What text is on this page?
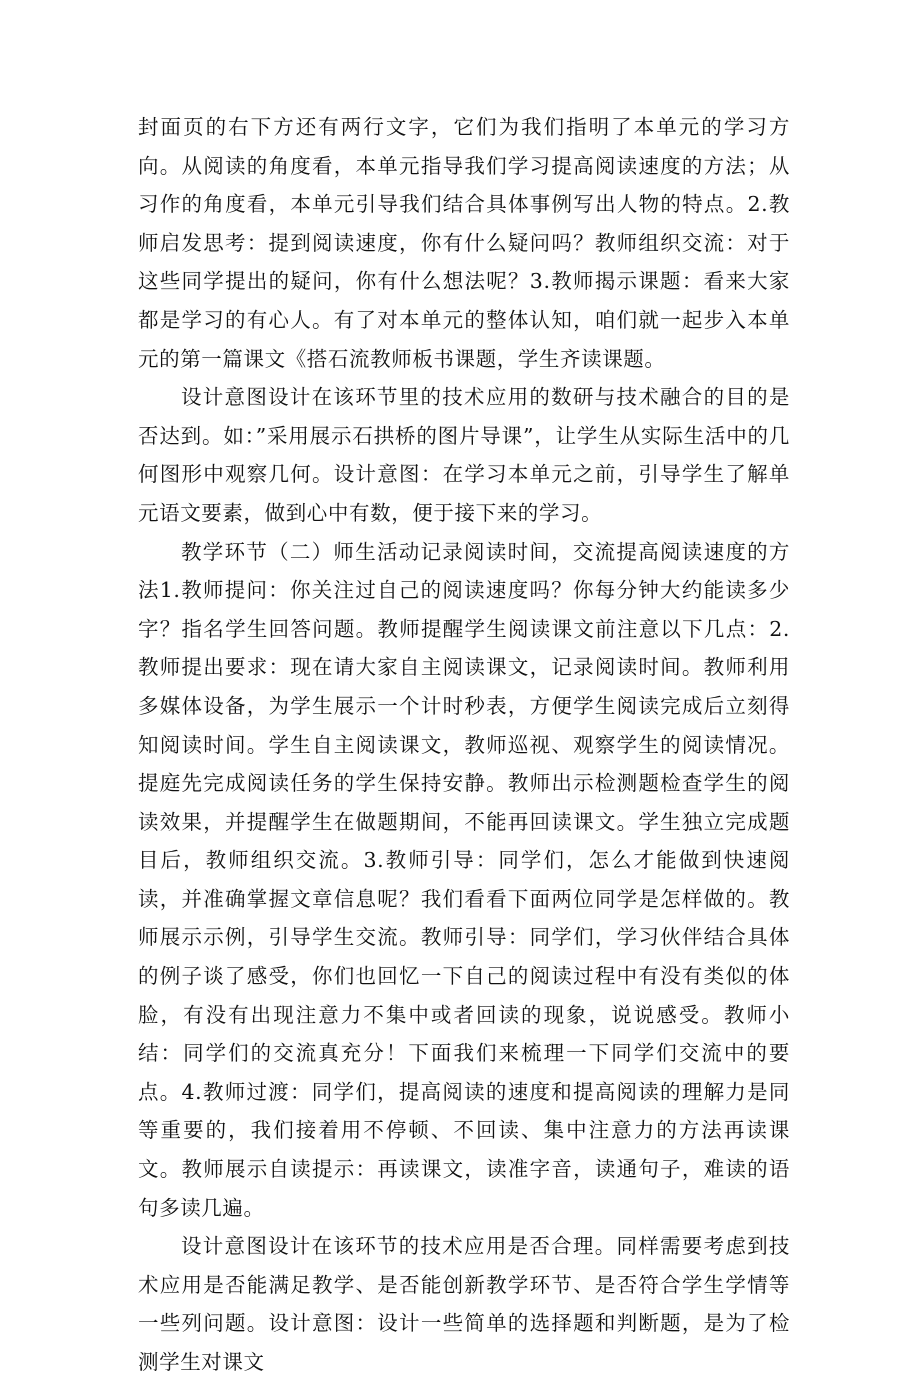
封面页的右下方还有两行文字，它们为我们指明了本单元的学习方向。从阅读的角度看，本单元指导我们学习提高阅读速度的方法；从习作的角度看，本单元引导我们结合具体事例写出人物的特点。2.教师启发思考：提到阅读速度，你有什么疑问吗？教师组织交流：对于这些同学提出的疑问，你有什么想法呢？3.教师揭示课题：看来大家都是学习的有心人。有了对本单元的整体认知，咱们就一起步入本单元的第一篇课文《搭石流教师板书课题，学生齐读课题。

设计意图设计在该环节里的技术应用的数研与技术融合的目的是否达到。如：”采用展示石拱桥的图片导课”，让学生从实际生活中的几何图形中观察几何。设计意图：在学习本单元之前，引导学生了解单元语文要素，做到心中有数，便于接下来的学习。

教学环节（二）师生活动记录阅读时间，交流提高阅读速度的方法1.教师提问：你关注过自己的阅读速度吗？你每分钟大约能读多少字？指名学生回答问题。教师提醒学生阅读课文前注意以下几点：2.教师提出要求：现在请大家自主阅读课文，记录阅读时间。教师利用多媒体设备，为学生展示一个计时秒表，方便学生阅读完成后立刻得知阅读时间。学生自主阅读课文，教师巡视、观察学生的阅读情况。提庭先完成阅读任务的学生保持安静。教师出示检测题检查学生的阅读效果，并提醒学生在做题期间，不能再回读课文。学生独立完成题目后，教师组织交流。3.教师引导：同学们，怎么才能做到快速阅读，并准确掌握文章信息呢？我们看看下面两位同学是怎样做的。教师展示示例，引导学生交流。教师引导：同学们，学习伙伴结合具体的例子谈了感受，你们也回忆一下自己的阅读过程中有没有类似的体脸，有没有出现注意力不集中或者回读的现象，说说感受。教师小结：同学们的交流真充分！下面我们来梳理一下同学们交流中的要点。4.教师过渡：同学们，提高阅读的速度和提高阅读的理解力是同等重要的，我们接着用不停顿、不回读、集中注意力的方法再读课文。教师展示自读提示：再读课文，读准字音，读通句子，难读的语句多读几遍。

设计意图设计在该环节的技术应用是否合理。同样需要考虑到技术应用是否能满足教学、是否能创新教学环节、是否符合学生学情等一些列问题。设计意图：设计一些简单的选择题和判断题，是为了检测学生对课文
